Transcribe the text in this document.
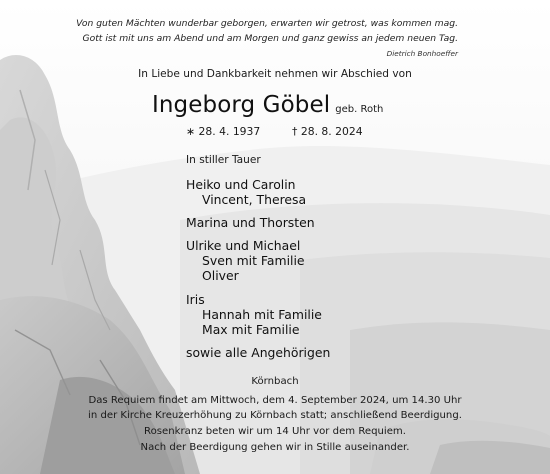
Von guten Mächten wunderbar geborgen, erwarten wir getrost, was kommen mag.
Gott ist mit uns am Abend und am Morgen und ganz gewiss an jedem neuen Tag.
Dietrich Bonhoeffer
In Liebe und Dankbarkeit nehmen wir Abschied von
Ingeborg Göbel geb. Roth
∗ 28. 4. 1937	† 28. 8. 2024
In stiller Tauer
Heiko und Carolin
Vincent, Theresa
Marina und Thorsten
Ulrike und Michael
Sven mit Familie
Oliver
Iris
Hannah mit Familie
Max mit Familie
sowie alle Angehörigen
Körnbach
Das Requiem findet am Mittwoch, dem 4. September 2024, um 14.30 Uhr
in der Kirche Kreuzerhöhung zu Körnbach statt; anschließend Beerdigung.
Rosenkranz beten wir um 14 Uhr vor dem Requiem.
Nach der Beerdigung gehen wir in Stille auseinander.
